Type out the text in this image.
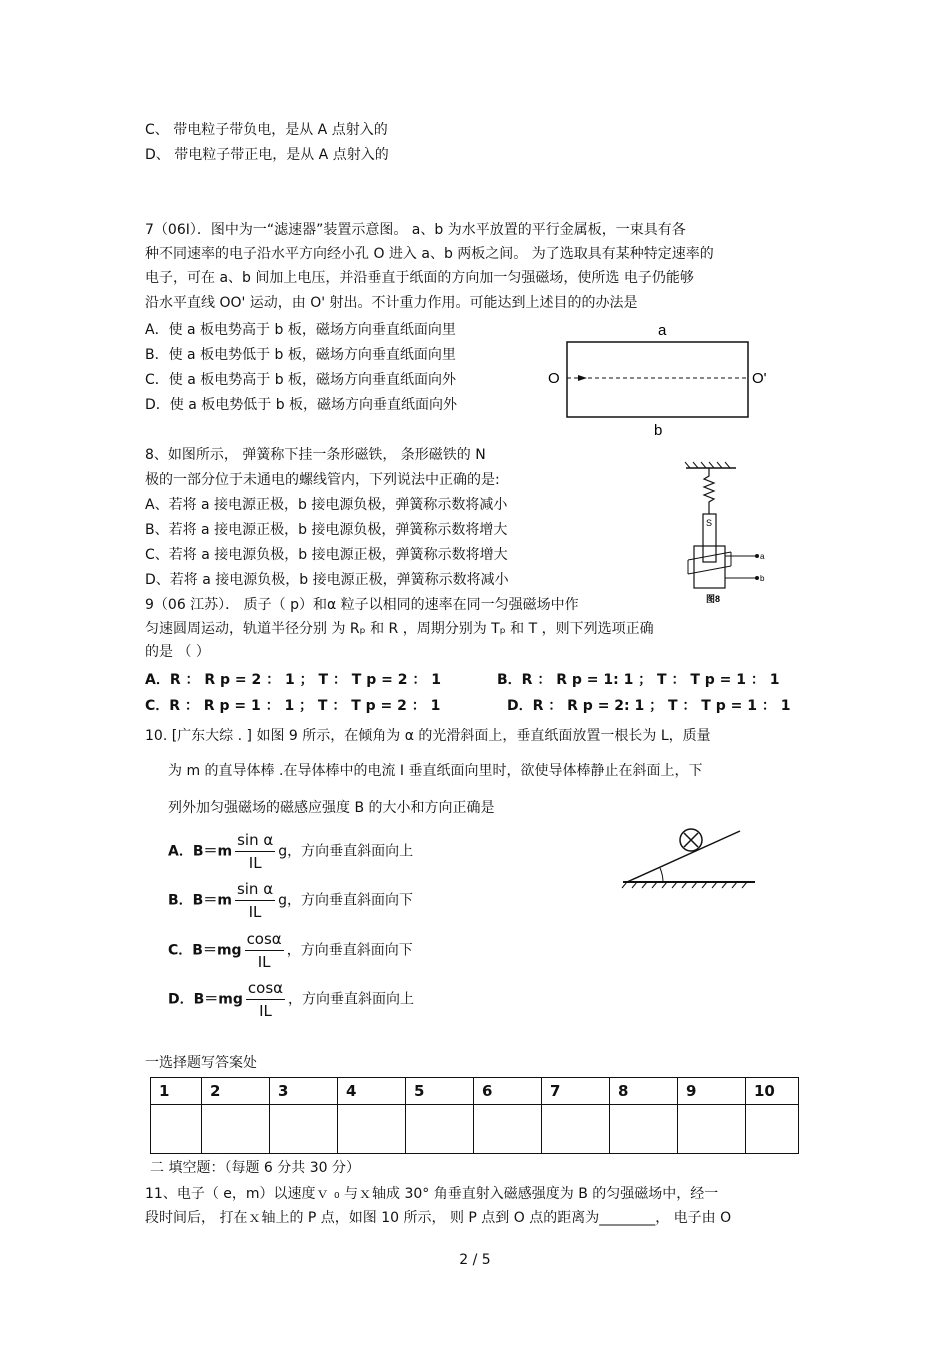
C、 带电粒子带负电，是从 A 点射入的
D、 带电粒子带正电，是从 A 点射入的
7（06Ⅰ）．图中为一“滤速器”装置示意图。 a、b 为水平放置的平行金属板，一束具有各
种不同速率的电子沿水平方向经小孔 O 进入 a、b 两板之间。 为了选取具有某种特定速率的
电子，可在 a、b 间加上电压，并沿垂直于纸面的方向加一匀强磁场，使所选 电子仍能够
沿水平直线 OO' 运动，由 O' 射出。不计重力作用。可能达到上述目的的办法是
A．使 a 板电势高于 b 板，磁场方向垂直纸面向里
B．使 a 板电势低于 b 板，磁场方向垂直纸面向里
C．使 a 板电势高于 b 板，磁场方向垂直纸面向外
D．使 a 板电势低于 b 板，磁场方向垂直纸面向外
a
O	O'
b
8、如图所示， 弹簧称下挂一条形磁铁， 条形磁铁的 N
极的一部分位于未通电的螺线管内，下列说法中正确的是:
A、若将 a 接电源正极，b 接电源负极，弹簧称示数将减小
B、若将 a 接电源正极，b 接电源负极，弹簧称示数将增大
C、若将 a 接电源负极，b 接电源正极，弹簧称示数将增大
D、若将 a 接电源负极，b 接电源正极，弹簧称示数将减小
S
a
b
图8
9（06 江苏）． 质子（ p）和α 粒子以相同的速率在同一匀强磁场中作
匀速圆周运动，轨道半径分别 为 Rₚ 和 R ，周期分别为 Tₚ 和 T ，则下列选项正确
的是 （ ）
A．R ： R p = 2 ： 1 ； T ： T p = 2 ： 1	B．R ： R p = 1: 1 ； T ： T p = 1 ： 1
C．R ： R p = 1 ： 1 ； T ： T p = 2 ： 1	D．R ： R p = 2: 1 ； T ： T p = 1 ： 1
10. [广东大综 . ] 如图 9 所示，在倾角为 α 的光滑斜面上，垂直纸面放置一根长为 L，质量
为 m 的直导体棒 .在导体棒中的电流 I 垂直纸面向里时，欲使导体棒静止在斜面上，下
列外加匀强磁场的磁感应强度 B 的大小和方向正确是
A．$B=m \frac{\text{sin α}}{IL}$ g，方向垂直斜面向上
B．$B=m \frac{\text{sin α}}{IL}$ g，方向垂直斜面向下
C．$B=mg \frac{\cos\alpha}{IL}$ ，方向垂直斜面向下
D．$B=mg \frac{\cos\alpha}{IL}$ ，方向垂直斜面向上
一选择题写答案处
1	2	3	4	5	6	7	8	9	10

二 填空题：（每题 6 分共 30 分）
11、电子（ e，m）以速度ｖ ₀ 与ｘ轴成 30° 角垂直射入磁感强度为 B 的匀强磁场中，经一
段时间后， 打在ｘ轴上的 P 点，如图 10 所示， 则 P 点到 O 点的距离为________， 电子由 O
2 / 5
